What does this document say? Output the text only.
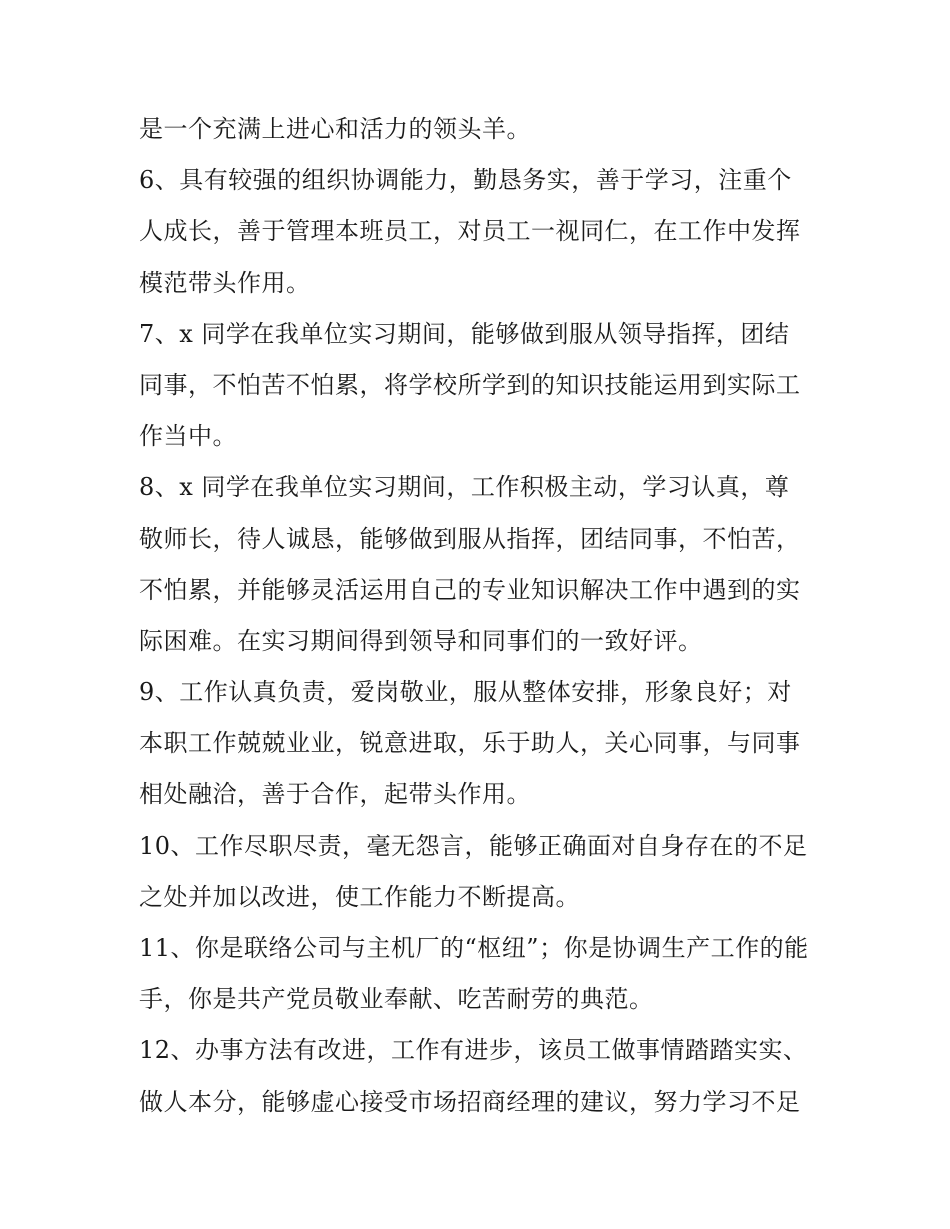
是一个充满上进心和活力的领头羊。
6、具有较强的组织协调能力，勤恳务实，善于学习，注重个
人成长，善于管理本班员工，对员工一视同仁，在工作中发挥
模范带头作用。
7、x 同学在我单位实习期间，能够做到服从领导指挥，团结
同事，不怕苦不怕累，将学校所学到的知识技能运用到实际工
作当中。
8、x 同学在我单位实习期间，工作积极主动，学习认真，尊
敬师长，待人诚恳，能够做到服从指挥，团结同事，不怕苦，
不怕累，并能够灵活运用自己的专业知识解决工作中遇到的实
际困难。在实习期间得到领导和同事们的一致好评。
9、工作认真负责，爱岗敬业，服从整体安排，形象良好；对
本职工作兢兢业业，锐意进取，乐于助人，关心同事，与同事
相处融洽，善于合作，起带头作用。
10、工作尽职尽责，毫无怨言，能够正确面对自身存在的不足
之处并加以改进，使工作能力不断提高。
11、你是联络公司与主机厂的“枢纽”；你是协调生产工作的能
手，你是共产党员敬业奉献、吃苦耐劳的典范。
12、办事方法有改进，工作有进步，该员工做事情踏踏实实、
做人本分，能够虚心接受市场招商经理的建议，努力学习不足
